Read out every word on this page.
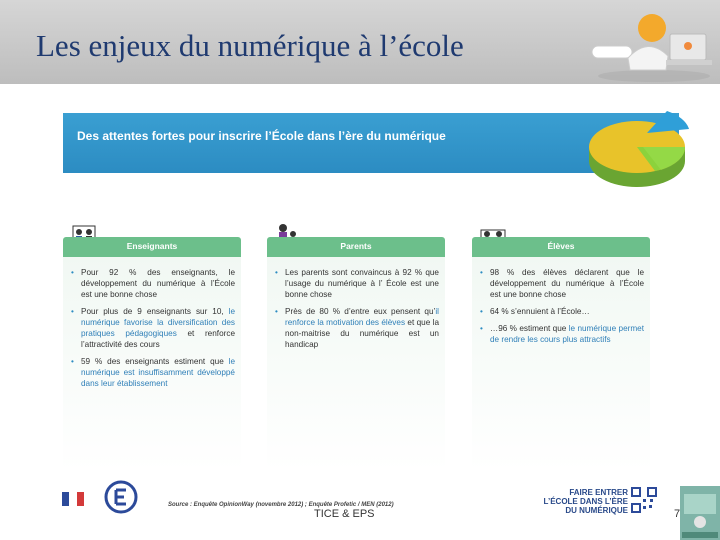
Les enjeux du numérique à l’école
Des attentes fortes pour inscrire l’École dans l’ère du numérique
Enseignants
• Pour 92 % des enseignants, le développement du numérique à l’École est une bonne chose
• Pour plus de 9 enseignants sur 10, le numérique favorise la diversification des pratiques pédagogiques et renforce l’attractivité des cours
• 59 % des enseignants estiment que le numérique est insuffisamment développé dans leur établissement
Parents
• Les parents sont convaincus à 92 % que l’usage du numérique à l’ École est une bonne chose
• Près de 80 % d’entre eux pensent qu’il renforce la motivation des élèves et que la non-maitrise du numérique est un handicap
Élèves
• 98 % des élèves déclarent que le développement du numérique à l’École est une bonne chose
• 64 % s’ennuient à l’École…
• …96 % estiment que le numérique permet de rendre les cours plus attractifs
Source : Enquête OpinionWay (novembre 2012) ; Enquête Profetic / MEN (2012)
TICE & EPS
FAIRE ENTRER
L’ÉCOLE DANS L’ÈRE
DU NUMÉRIQUE	7
